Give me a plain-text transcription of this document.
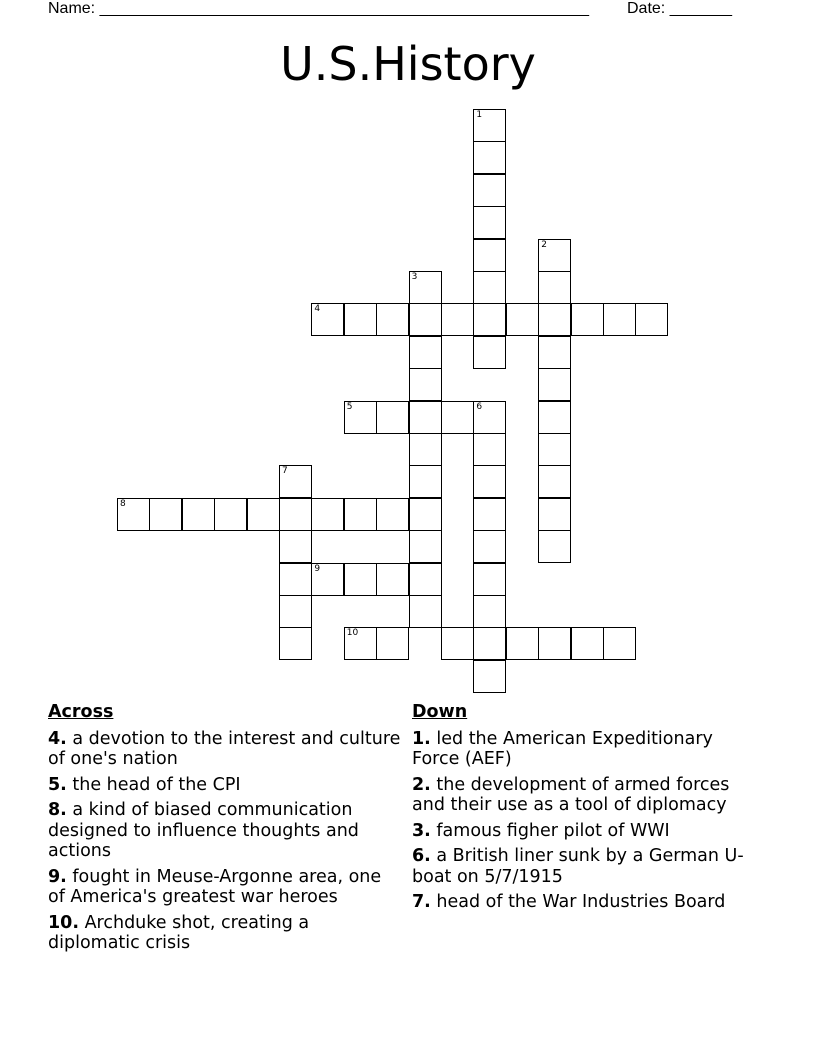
Name: _______________________________________________________ Date: _______
U.S.History
1
2
3
4
5	6
7
8
9
10
Across
4. a devotion to the interest and culture of one's nation
5. the head of the CPI
8. a kind of biased communication designed to influence thoughts and actions
9. fought in Meuse-Argonne area, one of America's greatest war heroes
10. Archduke shot, creating a diplomatic crisis
Down
1. led the American Expeditionary Force (AEF)
2. the development of armed forces and their use as a tool of diplomacy
3. famous figher pilot of WWI
6. a British liner sunk by a German U-boat on 5/7/1915
7. head of the War Industries Board
